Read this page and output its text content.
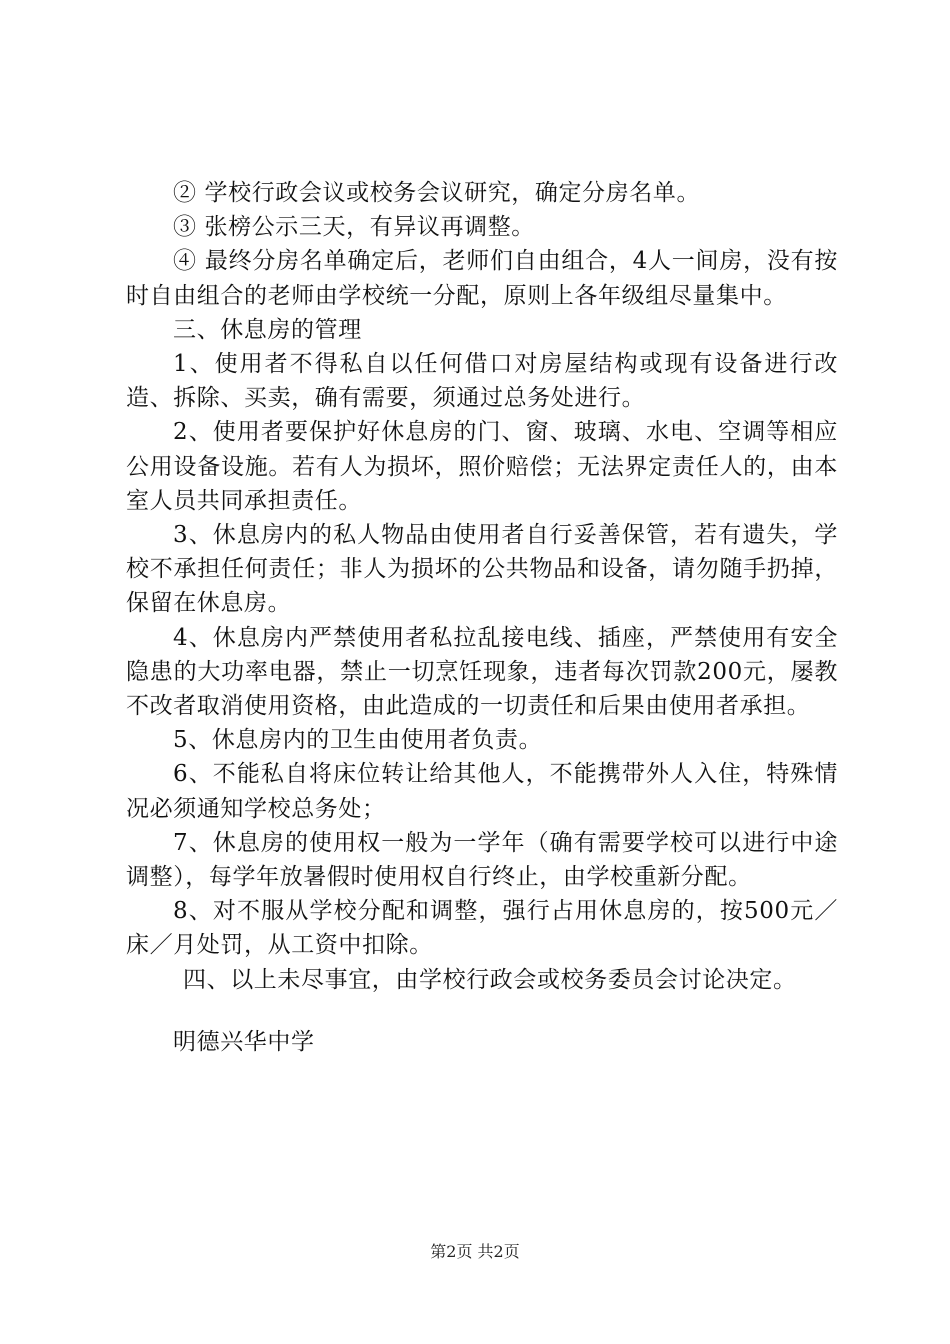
② 学校行政会议或校务会议研究，确定分房名单。

③ 张榜公示三天，有异议再调整。

④ 最终分房名单确定后，老师们自由组合，4人一间房，没有按时自由组合的老师由学校统一分配，原则上各年级组尽量集中。

三、休息房的管理

1、使用者不得私自以任何借口对房屋结构或现有设备进行改造、拆除、买卖，确有需要，须通过总务处进行。

2、使用者要保护好休息房的门、窗、玻璃、水电、空调等相应公用设备设施。若有人为损坏，照价赔偿；无法界定责任人的，由本室人员共同承担责任。

3、休息房内的私人物品由使用者自行妥善保管，若有遗失，学校不承担任何责任；非人为损坏的公共物品和设备，请勿随手扔掉，保留在休息房。

4、休息房内严禁使用者私拉乱接电线、插座，严禁使用有安全隐患的大功率电器，禁止一切烹饪现象，违者每次罚款200元，屡教不改者取消使用资格，由此造成的一切责任和后果由使用者承担。

5、休息房内的卫生由使用者负责。

6、不能私自将床位转让给其他人，不能携带外人入住，特殊情况必须通知学校总务处；

7、休息房的使用权一般为一学年（确有需要学校可以进行中途调整），每学年放暑假时使用权自行终止，由学校重新分配。

8、对不服从学校分配和调整，强行占用休息房的，按500元／床／月处罚，从工资中扣除。

四、以上未尽事宜，由学校行政会或校务委员会讨论决定。

明德兴华中学

第2页 共2页
